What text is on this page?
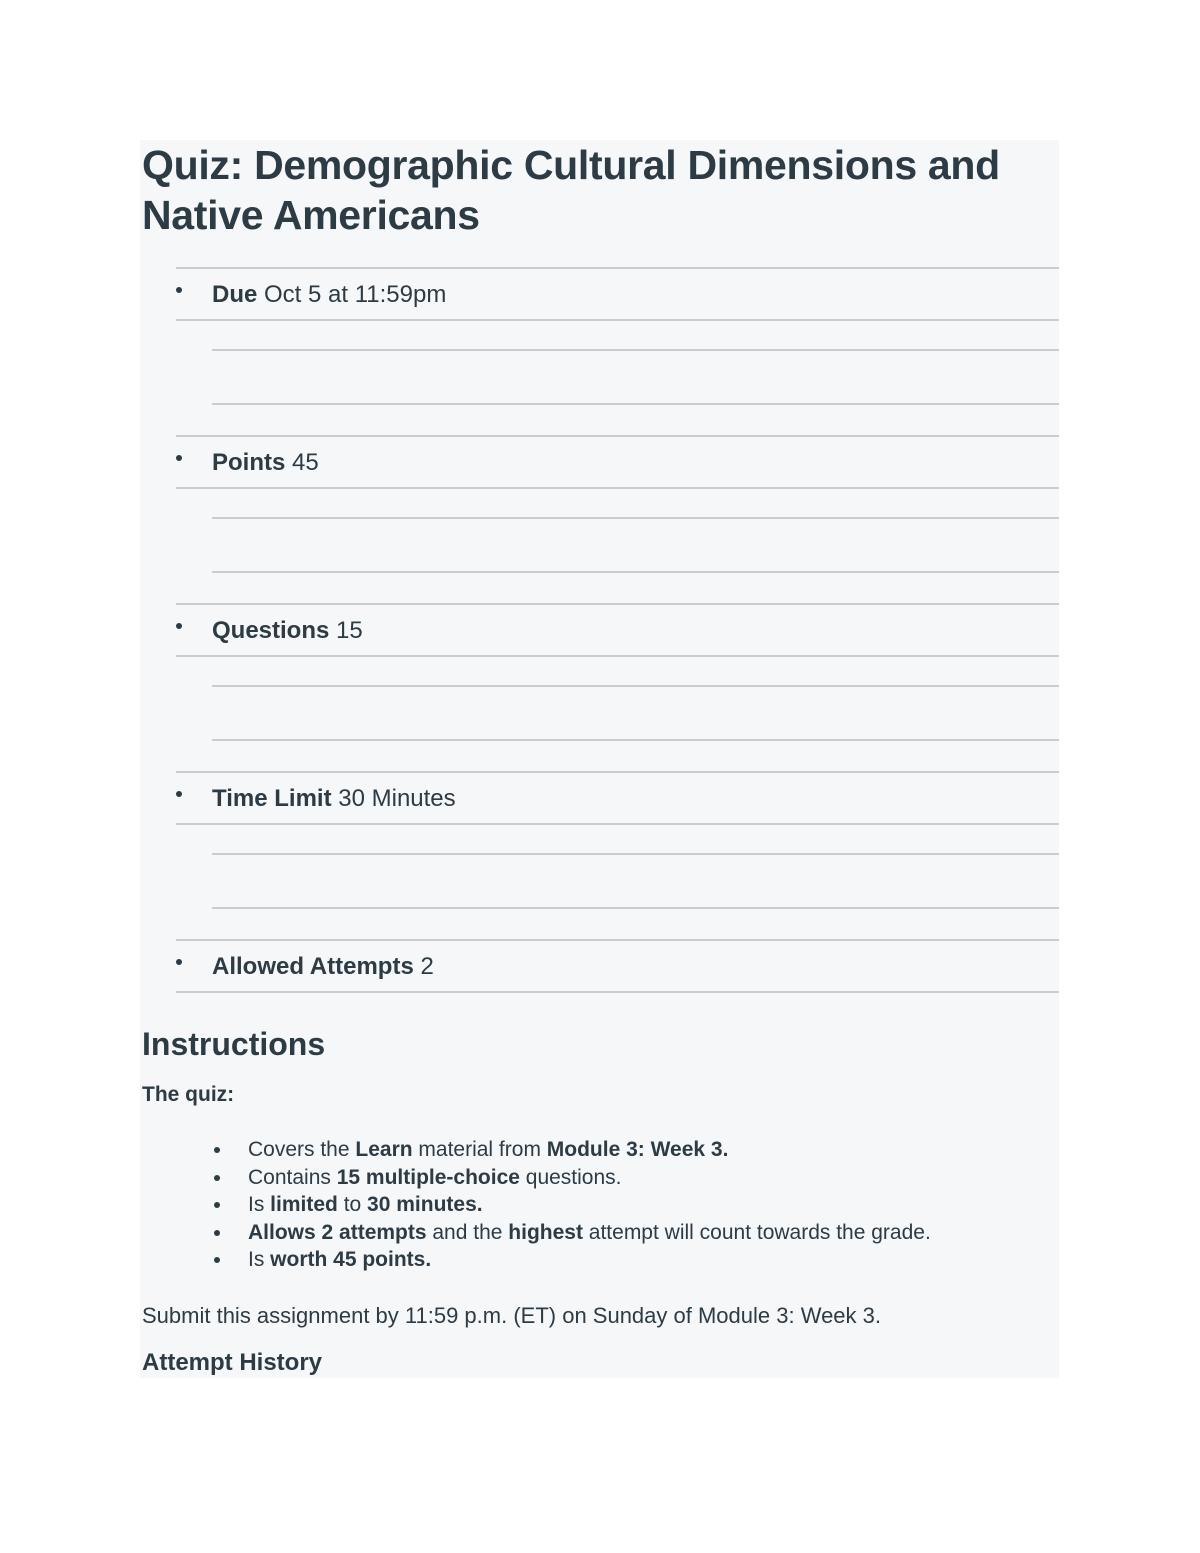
Quiz: Demographic Cultural Dimensions and Native Americans
Due Oct 5 at 11:59pm
Points 45
Questions 15
Time Limit 30 Minutes
Allowed Attempts 2
Instructions

The quiz:

Covers the Learn material from Module 3: Week 3.
Contains 15 multiple-choice questions.
Is limited to 30 minutes.
Allows 2 attempts and the highest attempt will count towards the grade.
Is worth 45 points.

Submit this assignment by 11:59 p.m. (ET) on Sunday of Module 3: Week 3.

Attempt History
